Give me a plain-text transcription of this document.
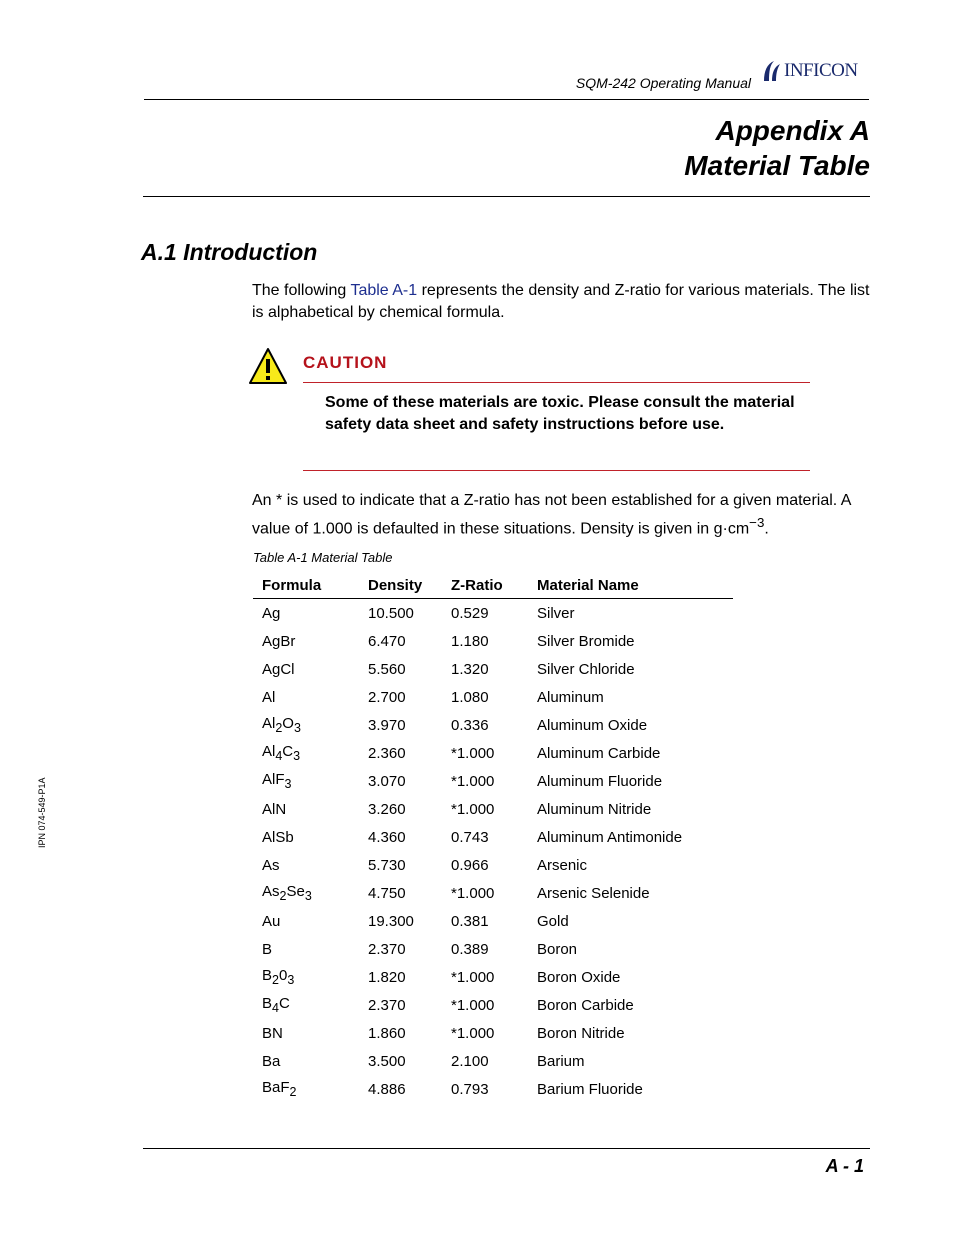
SQM-242 Operating Manual
INFICON
Appendix A
Material Table
A.1 Introduction
The following Table A-1 represents the density and Z-ratio for various materials. The list is alphabetical by chemical formula.
CAUTION
Some of these materials are toxic. Please consult the material safety data sheet and safety instructions before use.
An * is used to indicate that a Z-ratio has not been established for a given material. A value of 1.000 is defaulted in these situations. Density is given in $g\cdot cm^{-3}$.
Table A-1 Material Table
Formula	Density	Z-Ratio	Material Name
Ag	10.500	0.529	Silver
AgBr	6.470	1.180	Silver Bromide
AgCl	5.560	1.320	Silver Chloride
Al	2.700	1.080	Aluminum
$Al_2O_3$	3.970	0.336	Aluminum Oxide
$Al_4C_3$	2.360	*1.000	Aluminum Carbide
AlF$_3$	3.070	*1.000	Aluminum Fluoride
AlN	3.260	*1.000	Aluminum Nitride
AlSb	4.360	0.743	Aluminum Antimonide
As	5.730	0.966	Arsenic
$As_2Se_3$	4.750	*1.000	Arsenic Selenide
Au	19.300	0.381	Gold
B	2.370	0.389	Boron
$B_20_3$	1.820	*1.000	Boron Oxide
$B_4C$	2.370	*1.000	Boron Carbide
BN	1.860	*1.000	Boron Nitride
Ba	3.500	2.100	Barium
BaF$_2$	4.886	0.793	Barium Fluoride
IPN 074-549-P1A
A - 1
